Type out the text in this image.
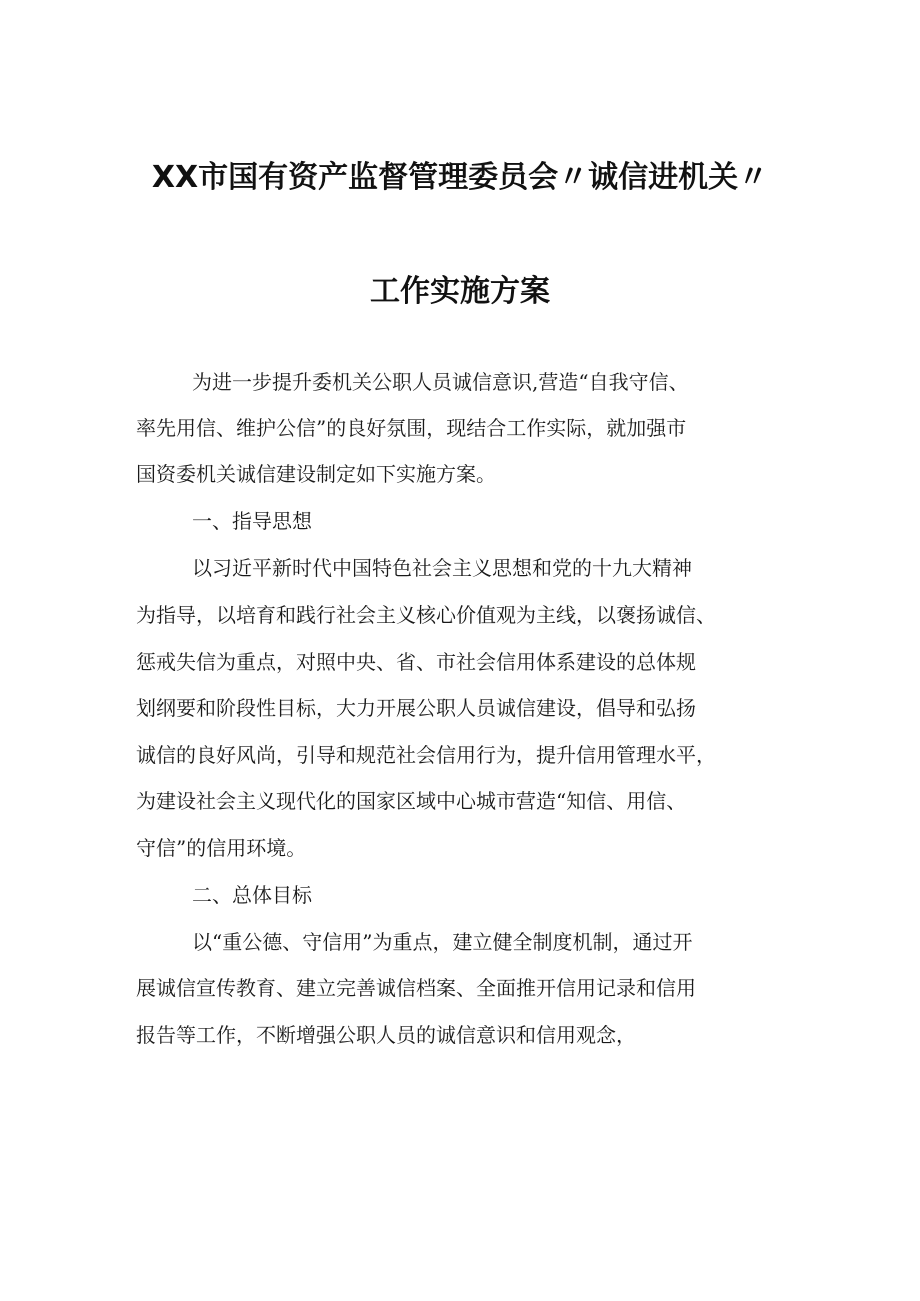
XX市国有资产监督管理委员会〃诚信进机关〃
工作实施方案
为进一步提升委机关公职人员诚信意识,营造“自我守信、
率先用信、维护公信”的良好氛围，现结合工作实际，就加强市
国资委机关诚信建设制定如下实施方案。
一、指导思想
以习近平新时代中国特色社会主义思想和党的十九大精神
为指导，以培育和践行社会主义核心价值观为主线，以褒扬诚信、
惩戒失信为重点，对照中央、省、市社会信用体系建设的总体规
划纲要和阶段性目标，大力开展公职人员诚信建设，倡导和弘扬
诚信的良好风尚，引导和规范社会信用行为，提升信用管理水平，
为建设社会主义现代化的国家区域中心城市营造“知信、用信、
守信”的信用环境。
二、总体目标
以“重公德、守信用”为重点，建立健全制度机制，通过开
展诚信宣传教育、建立完善诚信档案、全面推开信用记录和信用
报告等工作，不断增强公职人员的诚信意识和信用观念，
